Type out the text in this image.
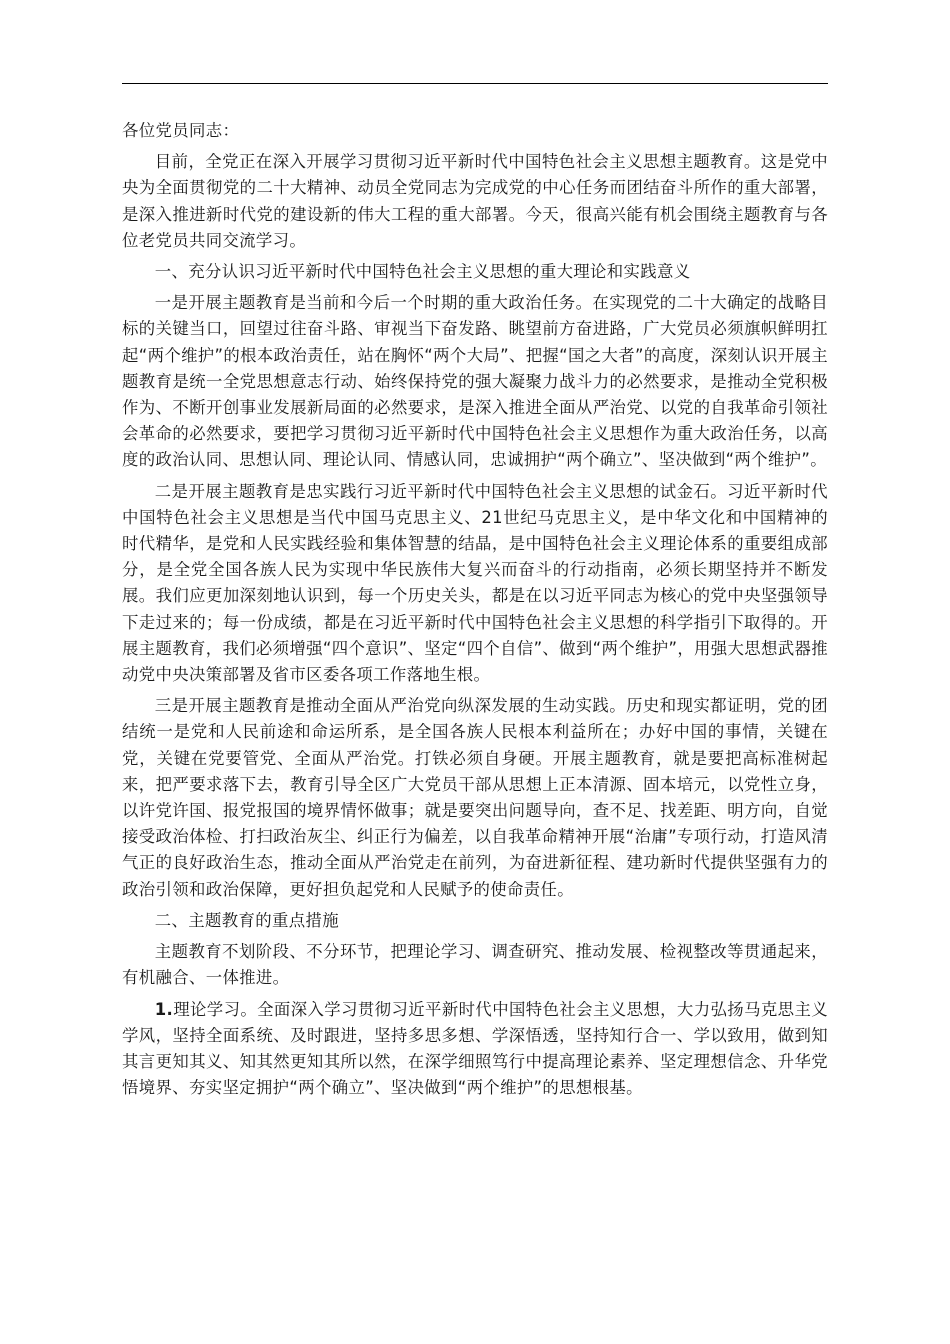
各位党员同志：

目前，全党正在深入开展学习贯彻习近平新时代中国特色社会主义思想主题教育。这是党中央为全面贯彻党的二十大精神、动员全党同志为完成党的中心任务而团结奋斗所作的重大部署，是深入推进新时代党的建设新的伟大工程的重大部署。今天，很高兴能有机会围绕主题教育与各位老党员共同交流学习。

一、充分认识习近平新时代中国特色社会主义思想的重大理论和实践意义

一是开展主题教育是当前和今后一个时期的重大政治任务。在实现党的二十大确定的战略目标的关键当口，回望过往奋斗路、审视当下奋发路、眺望前方奋进路，广大党员必须旗帜鲜明扛起“两个维护”的根本政治责任，站在胸怀“两个大局”、把握“国之大者”的高度，深刻认识开展主题教育是统一全党思想意志行动、始终保持党的强大凝聚力战斗力的必然要求，是推动全党积极作为、不断开创事业发展新局面的必然要求，是深入推进全面从严治党、以党的自我革命引领社会革命的必然要求，要把学习贯彻习近平新时代中国特色社会主义思想作为重大政治任务，以高度的政治认同、思想认同、理论认同、情感认同，忠诚拥护“两个确立”、坚决做到“两个维护”。

二是开展主题教育是忠实践行习近平新时代中国特色社会主义思想的试金石。习近平新时代中国特色社会主义思想是当代中国马克思主义、21世纪马克思主义，是中华文化和中国精神的时代精华，是党和人民实践经验和集体智慧的结晶，是中国特色社会主义理论体系的重要组成部分，是全党全国各族人民为实现中华民族伟大复兴而奋斗的行动指南，必须长期坚持并不断发展。我们应更加深刻地认识到，每一个历史关头，都是在以习近平同志为核心的党中央坚强领导下走过来的；每一份成绩，都是在习近平新时代中国特色社会主义思想的科学指引下取得的。开展主题教育，我们必须增强“四个意识”、坚定“四个自信”、做到“两个维护”，用强大思想武器推动党中央决策部署及省市区委各项工作落地生根。

三是开展主题教育是推动全面从严治党向纵深发展的生动实践。历史和现实都证明，党的团结统一是党和人民前途和命运所系，是全国各族人民根本利益所在；办好中国的事情，关键在党，关键在党要管党、全面从严治党。打铁必须自身硬。开展主题教育，就是要把高标准树起来，把严要求落下去，教育引导全区广大党员干部从思想上正本清源、固本培元，以党性立身，以许党许国、报党报国的境界情怀做事；就是要突出问题导向，查不足、找差距、明方向，自觉接受政治体检、打扫政治灰尘、纠正行为偏差，以自我革命精神开展“治庸”专项行动，打造风清气正的良好政治生态，推动全面从严治党走在前列，为奋进新征程、建功新时代提供坚强有力的政治引领和政治保障，更好担负起党和人民赋予的使命责任。

二、主题教育的重点措施

主题教育不划阶段、不分环节，把理论学习、调查研究、推动发展、检视整改等贯通起来，有机融合、一体推进。

1.理论学习。全面深入学习贯彻习近平新时代中国特色社会主义思想，大力弘扬马克思主义学风，坚持全面系统、及时跟进，坚持多思多想、学深悟透，坚持知行合一、学以致用，做到知其言更知其义、知其然更知其所以然，在深学细照笃行中提高理论素养、坚定理想信念、升华党悟境界、夯实坚定拥护“两个确立”、坚决做到“两个维护”的思想根基。
